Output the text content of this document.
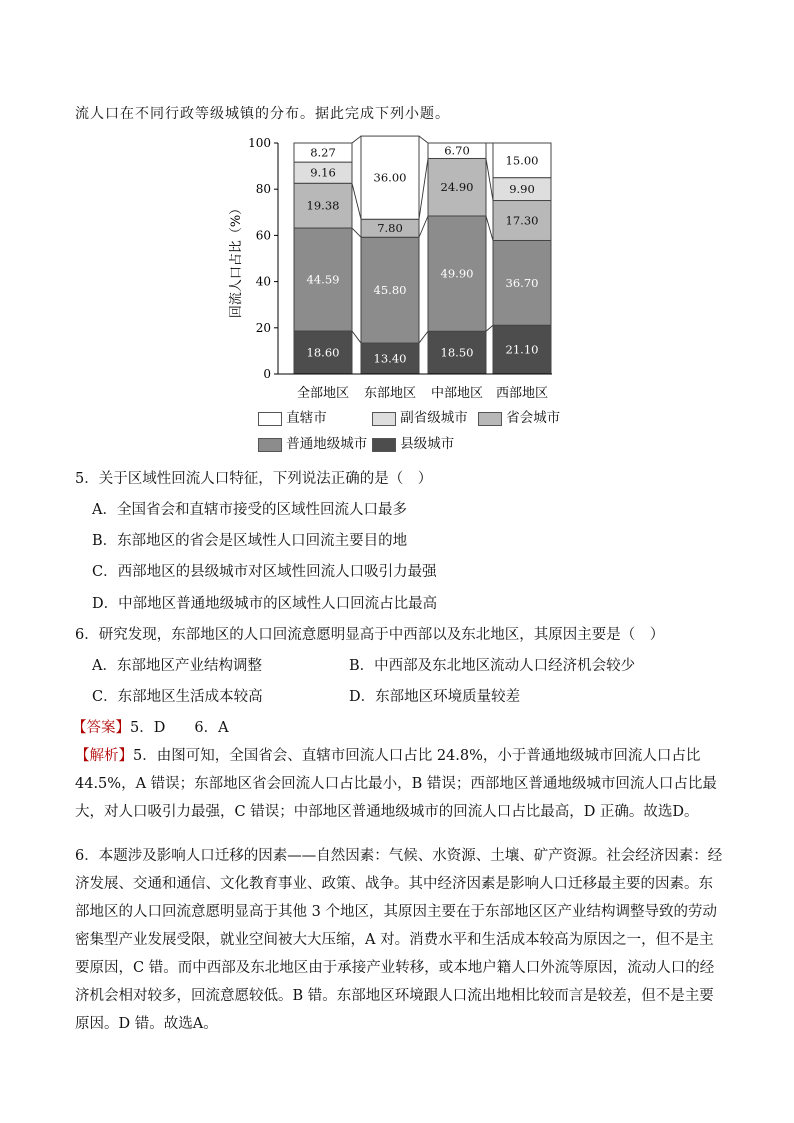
流人口在不同行政等级城镇的分布。据此完成下列小题。
回流人口占比（%）
0
20
40
60
80
100
18.60
44.59
19.38
9.16
8.27
13.40
45.80
7.80
36.00
18.50
49.90
24.90
6.70
21.10
36.70
17.30
9.90
15.00
全部地区 东部地区 中部地区 西部地区
直辖市	副省级城市	省会城市
普通地级城市	县级城市
5．关于区域性回流人口特征，下列说法正确的是（　）
A．全国省会和直辖市接受的区域性回流人口最多
B．东部地区的省会是区域性人口回流主要目的地
C．西部地区的县级城市对区域性回流人口吸引力最强
D．中部地区普通地级城市的区域性人口回流占比最高
6．研究发现，东部地区的人口回流意愿明显高于中西部以及东北地区，其原因主要是（　）
A．东部地区产业结构调整	B．中西部及东北地区流动人口经济机会较少
C．东部地区生活成本较高	D．东部地区环境质量较差
【答案】5．D　　6．A
【解析】5．由图可知，全国省会、直辖市回流人口占比 24.8%，小于普通地级城市回流人口占比 44.5%，A 错误；东部地区省会回流人口占比最小，B 错误；西部地区普通地级城市回流人口占比最大，对人口吸引力最强，C 错误；中部地区普通地级城市的回流人口占比最高，D 正确。故选D。
6．本题涉及影响人口迁移的因素——自然因素：气候、水资源、土壤、矿产资源。社会经济因素：经济发展、交通和通信、文化教育事业、政策、战争。其中经济因素是影响人口迁移最主要的因素。东部地区的人口回流意愿明显高于其他 3 个地区，其原因主要在于东部地区区产业结构调整导致的劳动密集型产业发展受限，就业空间被大大压缩，A 对。消费水平和生活成本较高为原因之一，但不是主要原因，C 错。而中西部及东北地区由于承接产业转移，或本地户籍人口外流等原因，流动人口的经济机会相对较多，回流意愿较低。B 错。东部地区环境跟人口流出地相比较而言是较差，但不是主要原因。D 错。故选A。
